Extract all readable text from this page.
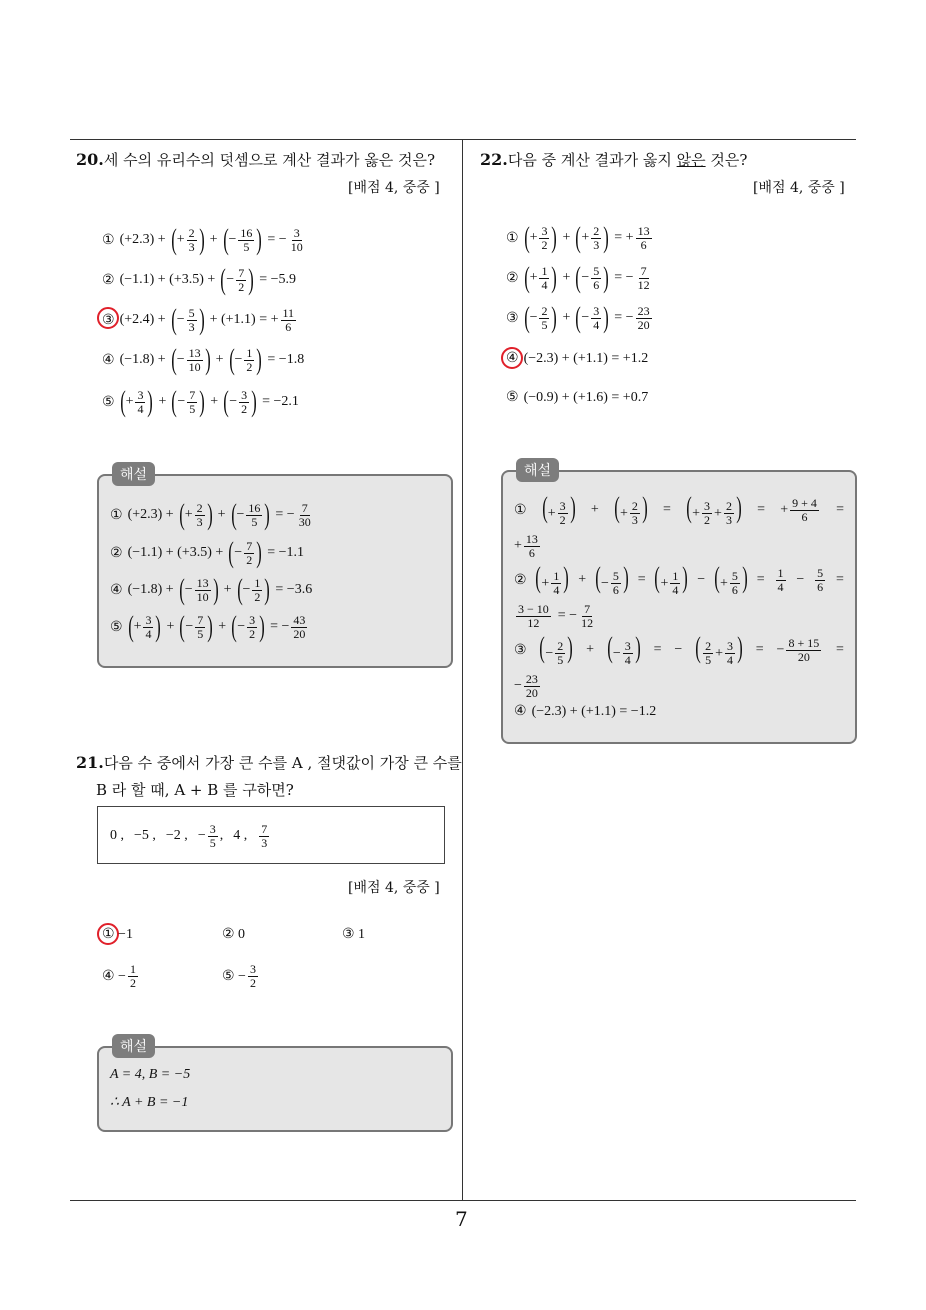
7
20.세 수의 유리수의 덧셈으로 계산 결과가 옳은 것은?
[배점 4, 중중 ]
① (+2.3) + ( + $\frac{2}{3}$ ) + ( − $\frac{16}{5}$ ) = − $\frac{3}{10}$
② (−1.1) + (+3.5) + ( − $\frac{7}{2}$ ) = −5.9
③ (+2.4) + ( − $\frac{5}{3}$ ) + (+1.1) = + $\frac{11}{6}$
④ (−1.8) + ( − $\frac{13}{10}$ ) + ( − $\frac{1}{2}$ ) = −1.8
⑤ ( + $\frac{3}{4}$ ) + ( − $\frac{7}{5}$ ) + ( − $\frac{3}{2}$ ) = −2.1
해설
① (+2.3) + ( + $\frac{2}{3}$ ) + ( − $\frac{16}{5}$ ) = − $\frac{7}{30}$
② (−1.1) + (+3.5) + ( − $\frac{7}{2}$ ) = −1.1
④ (−1.8) + ( − $\frac{13}{10}$ ) + ( − $\frac{1}{2}$ ) = −3.6
⑤ ( + $\frac{3}{4}$ ) + ( − $\frac{7}{5}$ ) + ( − $\frac{3}{2}$ ) = − $\frac{43}{20}$
21.다음 수 중에서 가장 큰 수를 A , 절댓값이 가장 큰 수를
B 라 할 때, A + B 를 구하면?
0 , −5 , −2 , − $\frac{3}{5}$ , 4 , $\frac{7}{3}$
[배점 4, 중중 ]
① −1	② 0	③ 1
④ − $\frac{1}{2}$	⑤ − $\frac{3}{2}$
해설
A = 4, B = −5
∴ A + B = −1
22.다음 중 계산 결과가 옳지 않은 것은?
[배점 4, 중중 ]
① ( + $\frac{3}{2}$ ) + ( + $\frac{2}{3}$ ) = + $\frac{13}{6}$
② ( + $\frac{1}{4}$ ) + ( − $\frac{5}{6}$ ) = − $\frac{7}{12}$
③ ( − $\frac{2}{5}$ ) + ( − $\frac{3}{4}$ ) = − $\frac{23}{20}$
④ (−2.3) + (+1.1) = +1.2
⑤ (−0.9) + (+1.6) = +0.7
해설
① (+ $\frac{3}{2}$ ) + (+ $\frac{2}{3}$ ) = (+ $\frac{3}{2} + \frac{2}{3}$ ) = + $\frac{9 + 4}{6}$ =
+ $\frac{13}{6}$
② (+ $\frac{1}{4}$ ) + (− $\frac{5}{6}$ ) = (+ $\frac{1}{4}$ ) − (+ $\frac{5}{6}$ ) = $\frac{1}{4} - \frac{5}{6}$ =
$\frac{3 - 10}{12}$ = − $\frac{7}{12}$
③ (− $\frac{2}{5}$ ) + (− $\frac{3}{4}$ ) = − ( $\frac{2}{5} + \frac{3}{4}$ ) = − $\frac{8 + 15}{20}$ =
− $\frac{23}{20}$
④ (−2.3) + (+1.1) = −1.2
